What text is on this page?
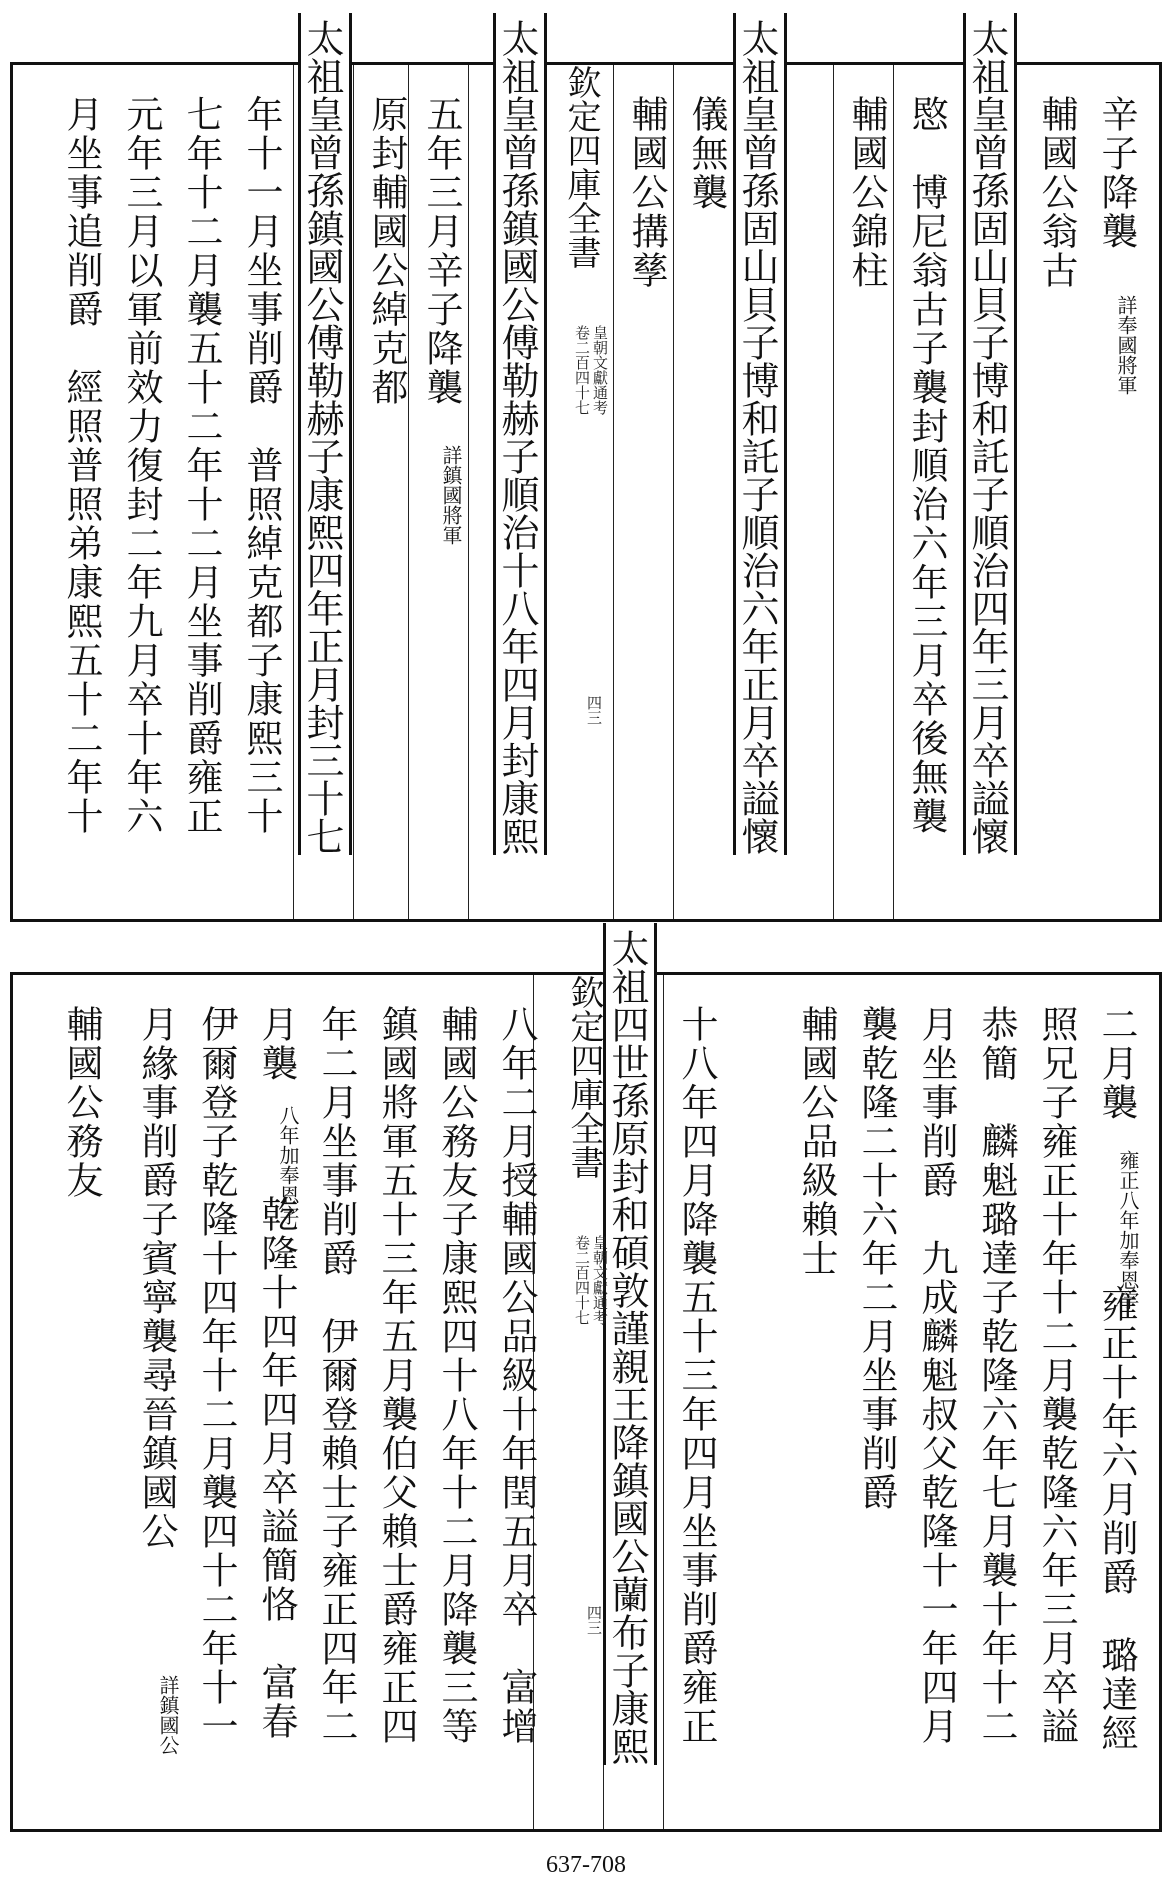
太祖皇曾孫固山貝子博和託子順治四年三月卒謚懷
太祖皇曾孫固山貝子博和託子順治六年正月卒謚懷
太祖皇曾孫鎮國公傅勒赫子順治十八年四月封康熙
太祖皇曾孫鎮國公傅勒赫子康熙四年正月封三十七	欽定四庫全書
皇朝文獻通考
卷二百四十七
四三
辛子降襲
詳奉國將軍
輔國公翁古
愍　博尼翁古子襲封順治六年三月卒後無襲
輔國公錦柱
儀無襲
輔國公搆孳
五年三月辛子降襲
詳鎮國將軍
原封輔國公綽克都
年十一月坐事削爵　普照綽克都子康熙三十
七年十二月襲五十二年十二月坐事削爵雍正
元年三月以軍前效力復封二年九月卒十年六
月坐事追削爵　經照普照弟康熙五十二年十
太祖四世孫原封和碩敦謹親王降鎮國公蘭布子康熙
欽定四庫全書
皇朝文獻通考
卷二百四十七
四三
二月襲
雍正八年加奉恩字
雍正十年六月削爵　璐達經
照兄子雍正十年十二月襲乾隆六年三月卒謚
恭簡　麟魁璐達子乾隆六年七月襲十年十二
月坐事削爵　九成麟魁叔父乾隆十一年四月
襲乾隆二十六年二月坐事削爵
輔國公品級賴士
十八年四月降襲五十三年四月坐事削爵雍正
八年二月授輔國公品級十年閏五月卒　富增
輔國公務友子康熙四十八年十二月降襲三等
鎮國將軍五十三年五月襲伯父賴士爵雍正四
年二月坐事削爵　伊爾登賴士子雍正四年二
月襲
八年加奉恩字
乾隆十四年四月卒謚簡恪　富春
伊爾登子乾隆十四年十二月襲四十二年十一
月緣事削爵子賓寧襲尋晉鎮國公
詳鎮國公
輔國公務友
637-708
